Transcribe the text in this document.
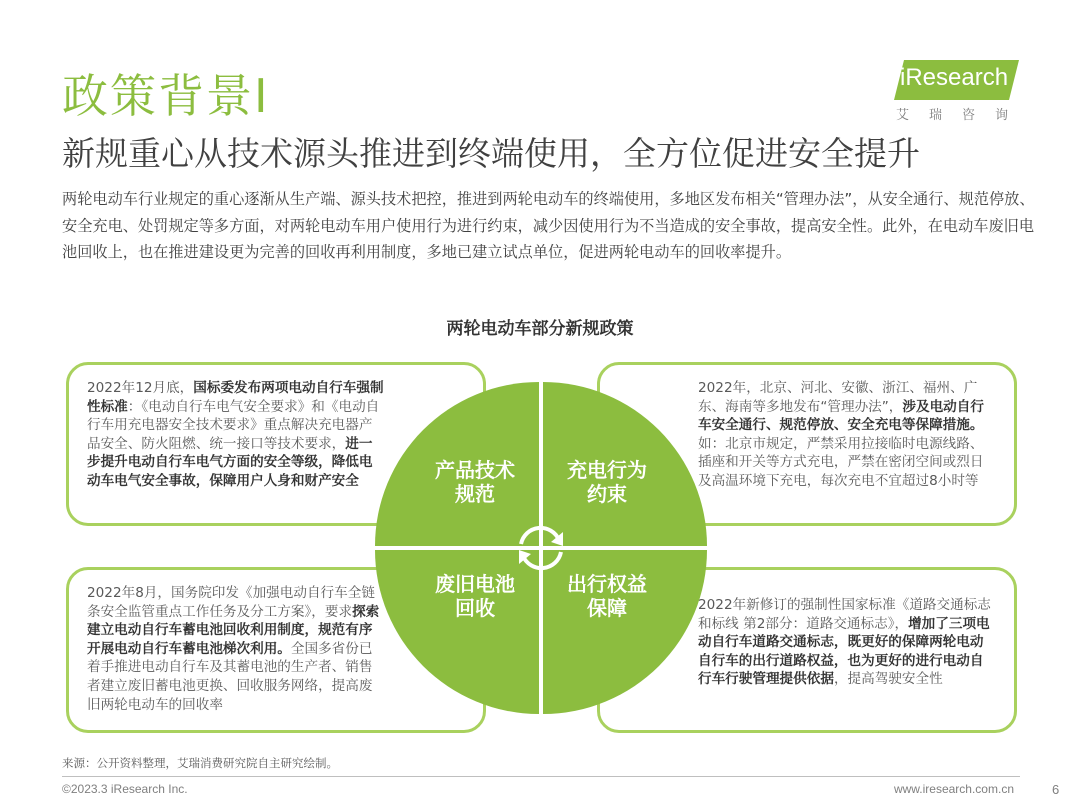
政策背景Ⅰ	iResearch
艾瑞咨询
新规重心从技术源头推进到终端使用，全方位促进安全提升
两轮电动车行业规定的重心逐渐从生产端、源头技术把控，推进到两轮电动车的终端使用，多地区发布相关“管理办法”，从安全通行、规范停放、安全充电、处罚规定等多方面，对两轮电动车用户使用行为进行约束，减少因使用行为不当造成的安全事故，提高安全性。此外，在电动车废旧电池回收上，也在推进建设更为完善的回收再利用制度，多地已建立试点单位，促进两轮电动车的回收率提升。
两轮电动车部分新规政策
2022年12月底，国标委发布两项电动自行车强制性标准：《电动自行车电气安全要求》和《电动自行车用充电器安全技术要求》重点解决充电器产品安全、防火阻燃、统一接口等技术要求，进一步提升电动自行车电气方面的安全等级，降低电动车电气安全事故，保障用户人身和财产安全
2022年，北京、河北、安徽、浙江、福州、广东、海南等多地发布“管理办法”，涉及电动自行车安全通行、规范停放、安全充电等保障措施。如：北京市规定，严禁采用拉接临时电源线路、插座和开关等方式充电，严禁在密闭空间或烈日及高温环境下充电，每次充电不宜超过8小时等
2022年8月，国务院印发《加强电动自行车全链条安全监管重点工作任务及分工方案》，要求探索建立电动自行车蓄电池回收利用制度，规范有序开展电动自行车蓄电池梯次利用。全国多省份已着手推进电动自行车及其蓄电池的生产者、销售者建立废旧蓄电池更换、回收服务网络，提高废旧两轮电动车的回收率
2022年新修订的强制性国家标准《道路交通标志和标线 第2部分：道路交通标志》，增加了三项电动自行车道路交通标志，既更好的保障两轮电动自行车的出行道路权益，也为更好的进行电动自行车行驶管理提供依据，提高驾驶安全性
产品技术
规范
充电行为
约束
废旧电池
回收
出行权益
保障
来源：公开资料整理，艾瑞消费研究院自主研究绘制。
©2023.3 iResearch Inc.	www.iresearch.com.cn	6
